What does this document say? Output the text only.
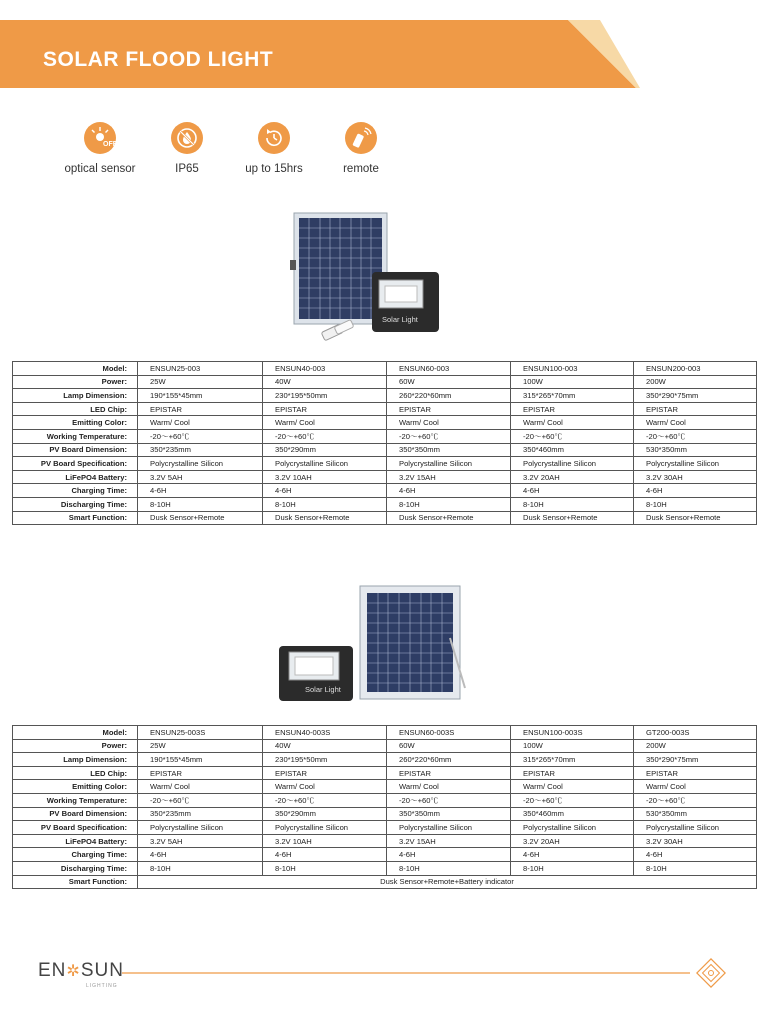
SOLAR FLOOD LIGHT
OFF
optical sensor	IP65	up to 15hrs	remote
Solar Light
Model:	ENSUN25-003	ENSUN40-003	ENSUN60-003	ENSUN100-003	ENSUN200-003
Power:	25W	40W	60W	100W	200W
Lamp Dimension:	190*155*45mm	230*195*50mm	260*220*60mm	315*265*70mm	350*290*75mm
LED Chip:	EPISTAR	EPISTAR	EPISTAR	EPISTAR	EPISTAR
Emitting Color:	Warm/ Cool	Warm/ Cool	Warm/ Cool	Warm/ Cool	Warm/ Cool
Working Temperature:	-20～+60℃	-20～+60℃	-20～+60℃	-20～+60℃	-20～+60℃
PV Board Dimension:	350*235mm	350*290mm	350*350mm	350*460mm	530*350mm
PV Board Specification:	Polycrystalline Silicon	Polycrystalline Silicon	Polycrystalline Silicon	Polycrystalline Silicon	Polycrystalline Silicon
LiFePO4 Battery:	3.2V 5AH	3.2V 10AH	3.2V 15AH	3.2V 20AH	3.2V 30AH
Charging Time:	4-6H	4-6H	4-6H	4-6H	4-6H
Discharging Time:	8-10H	8-10H	8-10H	8-10H	8-10H
Smart Function:	Dusk Sensor+Remote	Dusk Sensor+Remote	Dusk Sensor+Remote	Dusk Sensor+Remote	Dusk Sensor+Remote
Solar Light
Model:	ENSUN25-003S	ENSUN40-003S	ENSUN60-003S	ENSUN100-003S	GT200-003S
Power:	25W	40W	60W	100W	200W
Lamp Dimension:	190*155*45mm	230*195*50mm	260*220*60mm	315*265*70mm	350*290*75mm
LED Chip:	EPISTAR	EPISTAR	EPISTAR	EPISTAR	EPISTAR
Emitting Color:	Warm/ Cool	Warm/ Cool	Warm/ Cool	Warm/ Cool	Warm/ Cool
Working Temperature:	-20～+60℃	-20～+60℃	-20～+60℃	-20～+60℃	-20～+60℃
PV Board Dimension:	350*235mm	350*290mm	350*350mm	350*460mm	530*350mm
PV Board Specification:	Polycrystalline Silicon	Polycrystalline Silicon	Polycrystalline Silicon	Polycrystalline Silicon	Polycrystalline Silicon
LiFePO4 Battery:	3.2V 5AH	3.2V 10AH	3.2V 15AH	3.2V 20AH	3.2V 30AH
Charging Time:	4-6H	4-6H	4-6H	4-6H	4-6H
Discharging Time:	8-10H	8-10H	8-10H	8-10H	8-10H
Smart Function:	Dusk Sensor+Remote+Battery indicator				
EN✲SUN
LIGHTING
